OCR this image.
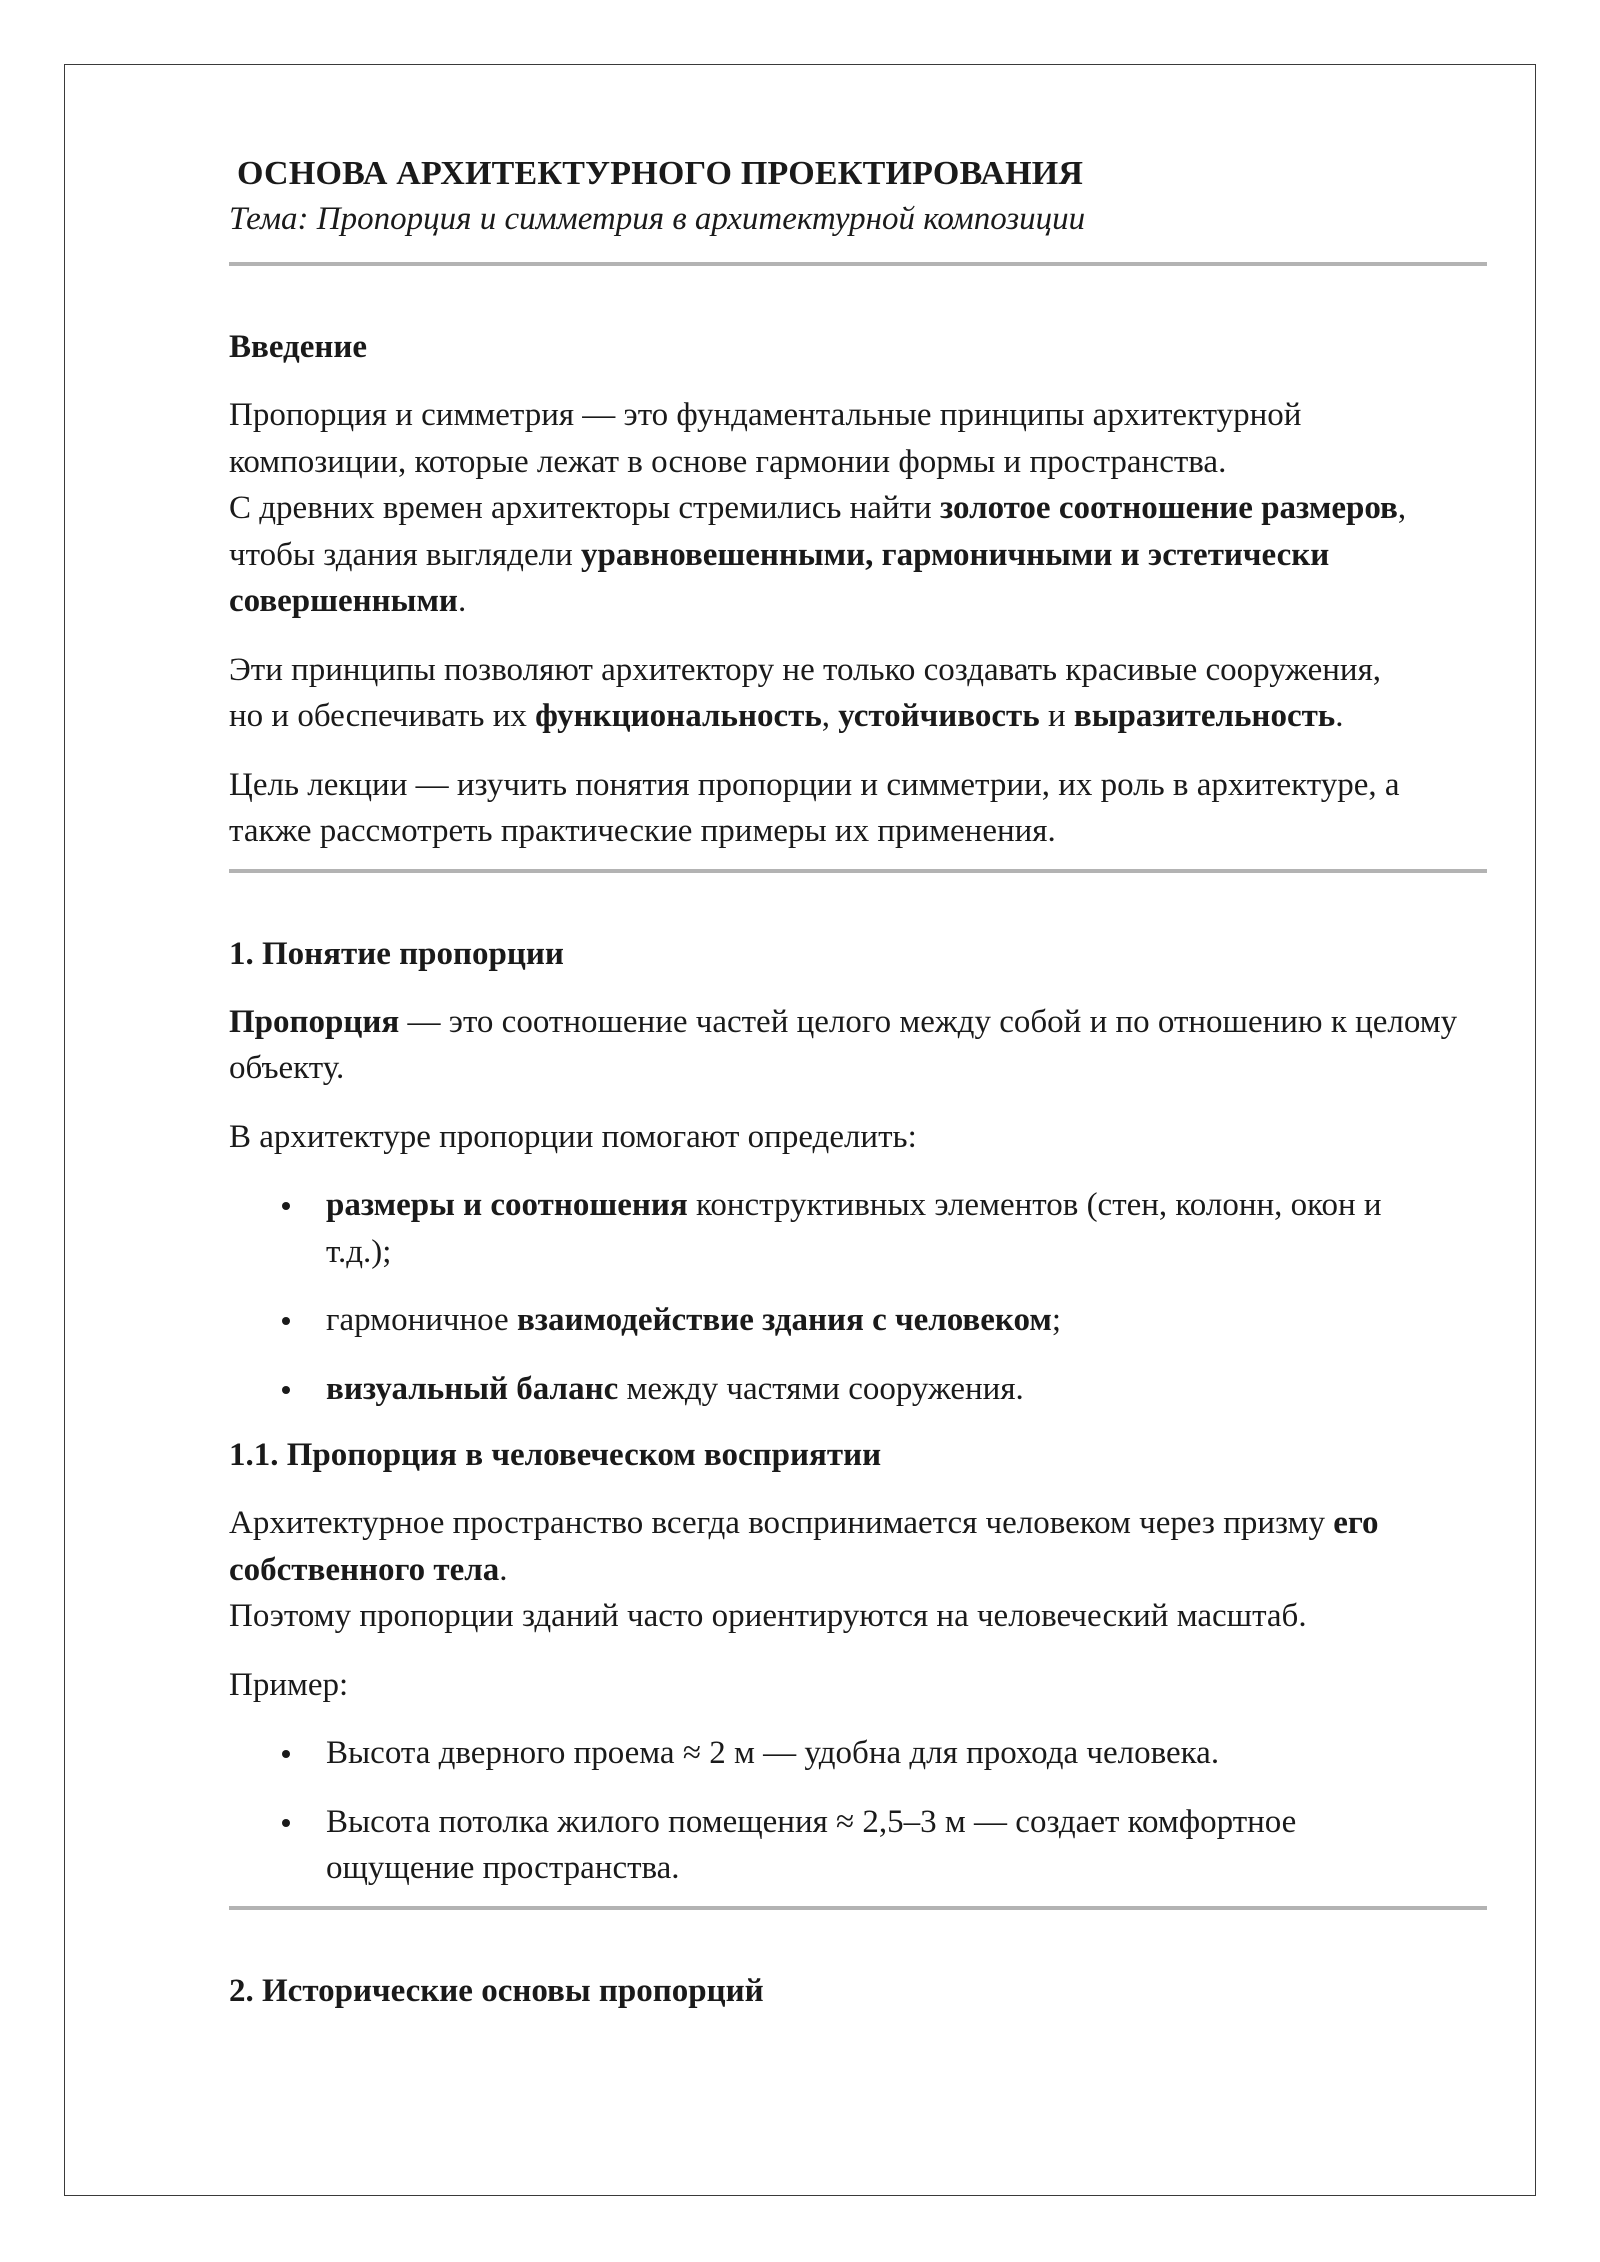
ОСНОВА АРХИТЕКТУРНОГО ПРОЕКТИРОВАНИЯ
Тема: Пропорция и симметрия в архитектурной композиции
Введение

Пропорция и симметрия — это фундаментальные принципы архитектурной композиции, которые лежат в основе гармонии формы и пространства.
С древних времен архитекторы стремились найти золотое соотношение размеров, чтобы здания выглядели уравновешенными, гармоничными и эстетически совершенными.

Эти принципы позволяют архитектору не только создавать красивые сооружения, но и обеспечивать их функциональность, устойчивость и выразительность.

Цель лекции — изучить понятия пропорции и симметрии, их роль в архитектуре, а также рассмотреть практические примеры их применения.

1. Понятие пропорции

Пропорция — это соотношение частей целого между собой и по отношению к целому объекту.

В архитектуре пропорции помогают определить:

размеры и соотношения конструктивных элементов (стен, колонн, окон и т.д.);
гармоничное взаимодействие здания с человеком;
визуальный баланс между частями сооружения.
1.1. Пропорция в человеческом восприятии

Архитектурное пространство всегда воспринимается человеком через призму его собственного тела.
Поэтому пропорции зданий часто ориентируются на человеческий масштаб.

Пример:

Высота дверного проема ≈ 2 м — удобна для прохода человека.
Высота потолка жилого помещения ≈ 2,5–3 м — создает комфортное ощущение пространства.
2. Исторические основы пропорций
